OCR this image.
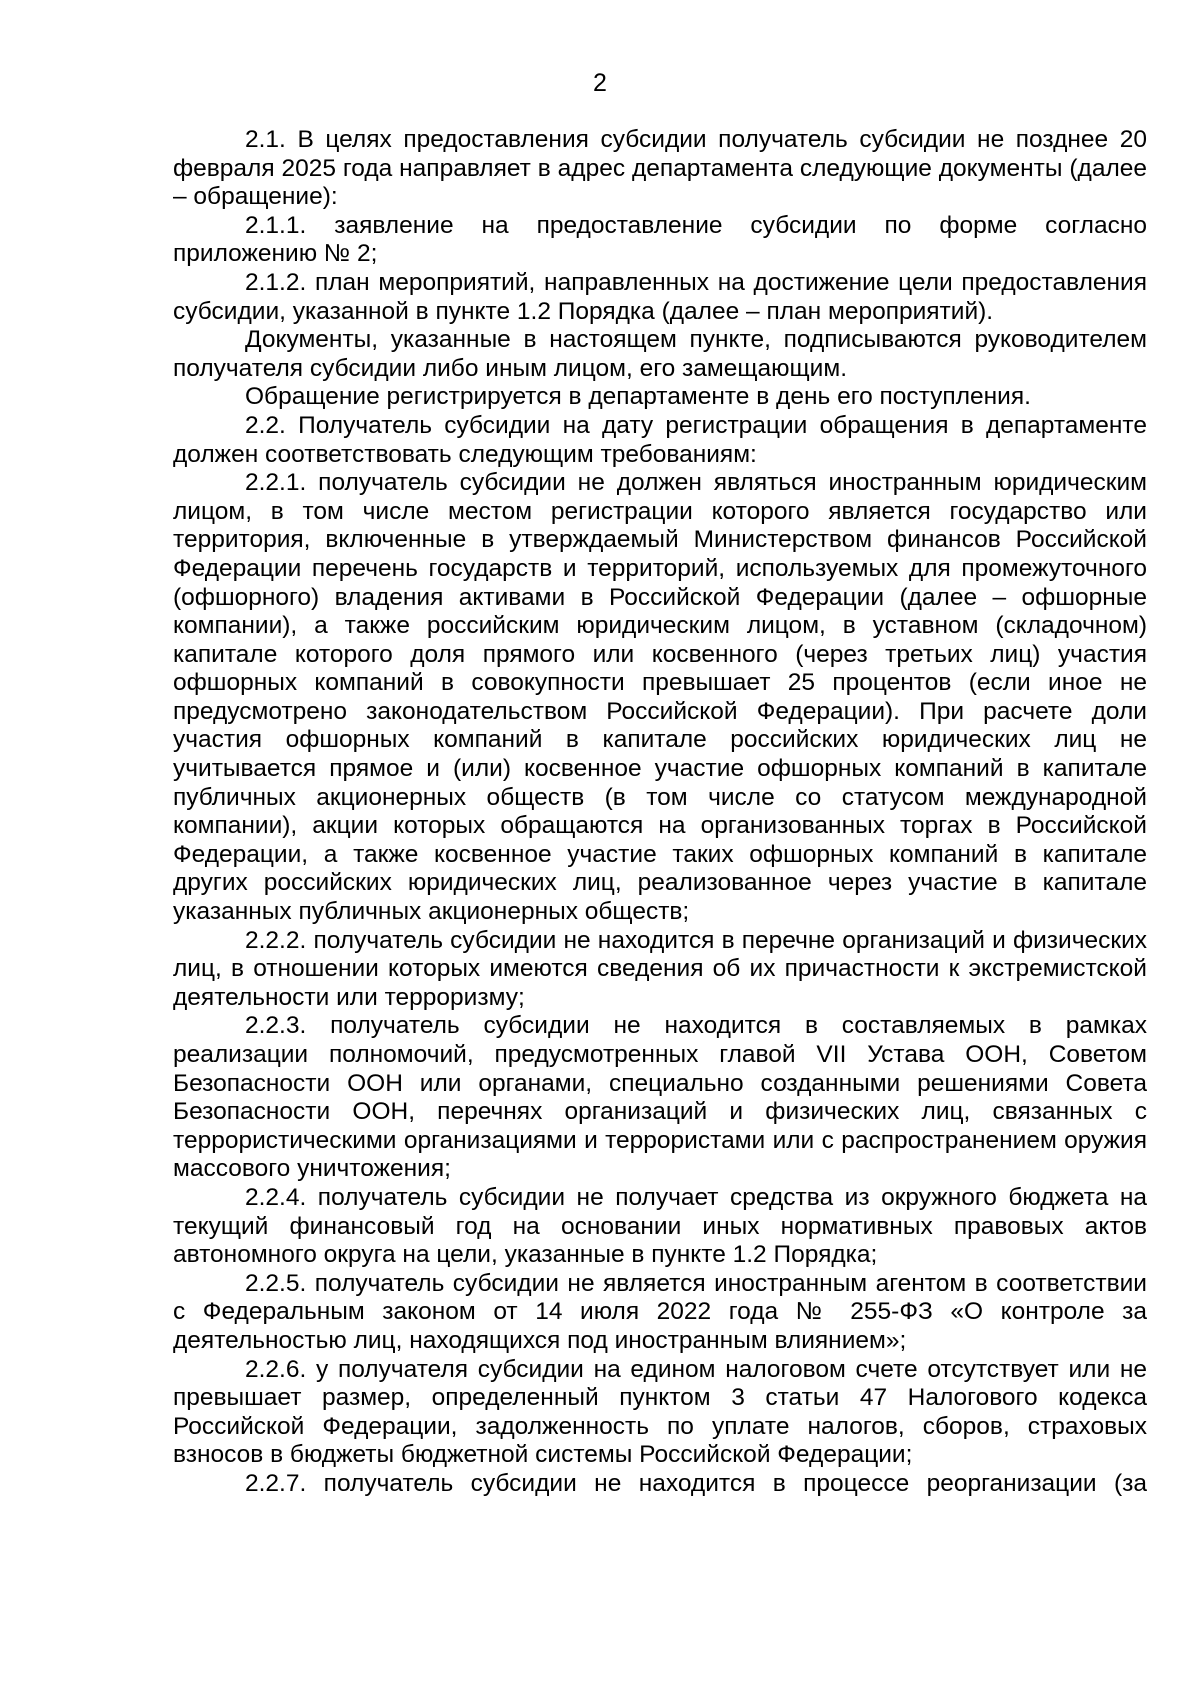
2

2.1. В целях предоставления субсидии получатель субсидии не позднее 20 февраля 2025 года направляет в адрес департамента следующие документы (далее – обращение):

2.1.1. заявление на предоставление субсидии по форме согласно приложению № 2;

2.1.2. план мероприятий, направленных на достижение цели предоставления субсидии, указанной в пункте 1.2 Порядка (далее – план мероприятий).

Документы, указанные в настоящем пункте, подписываются руководителем получателя субсидии либо иным лицом, его замещающим.

Обращение регистрируется в департаменте в день его поступления.

2.2. Получатель субсидии на дату регистрации обращения в департаменте должен соответствовать следующим требованиям:

2.2.1. получатель субсидии не должен являться иностранным юридическим лицом, в том числе местом регистрации которого является государство или территория, включенные в утверждаемый Министерством финансов Российской Федерации перечень государств и территорий, используемых для промежуточного (офшорного) владения активами в Российской Федерации (далее – офшорные компании), а также российским юридическим лицом, в уставном (складочном) капитале которого доля прямого или косвенного (через третьих лиц) участия офшорных компаний в совокупности превышает 25 процентов (если иное не предусмотрено законодательством Российской Федерации). При расчете доли участия офшорных компаний в капитале российских юридических лиц не учитывается прямое и (или) косвенное участие офшорных компаний в капитале публичных акционерных обществ (в том числе со статусом международной компании), акции которых обращаются на организованных торгах в Российской Федерации, а также косвенное участие таких офшорных компаний в капитале других российских юридических лиц, реализованное через участие в капитале указанных публичных акционерных обществ;

2.2.2. получатель субсидии не находится в перечне организаций и физических лиц, в отношении которых имеются сведения об их причастности к экстремистской деятельности или терроризму;

2.2.3. получатель субсидии не находится в составляемых в рамках реализации полномочий, предусмотренных главой VII Устава ООН, Советом Безопасности ООН или органами, специально созданными решениями Совета Безопасности ООН, перечнях организаций и физических лиц, связанных с террористическими организациями и террористами или с распространением оружия массового уничтожения;

2.2.4. получатель субсидии не получает средства из окружного бюджета на текущий финансовый год на основании иных нормативных правовых актов автономного округа на цели, указанные в пункте 1.2 Порядка;

2.2.5. получатель субсидии не является иностранным агентом в соответствии с Федеральным законом от 14 июля 2022 года № 255-ФЗ «О контроле за деятельностью лиц, находящихся под иностранным влиянием»;

2.2.6. у получателя субсидии на едином налоговом счете отсутствует или не превышает размер, определенный пунктом 3 статьи 47 Налогового кодекса Российской Федерации, задолженность по уплате налогов, сборов, страховых взносов в бюджеты бюджетной системы Российской Федерации;

2.2.7. получатель субсидии не находится в процессе реорганизации (за
